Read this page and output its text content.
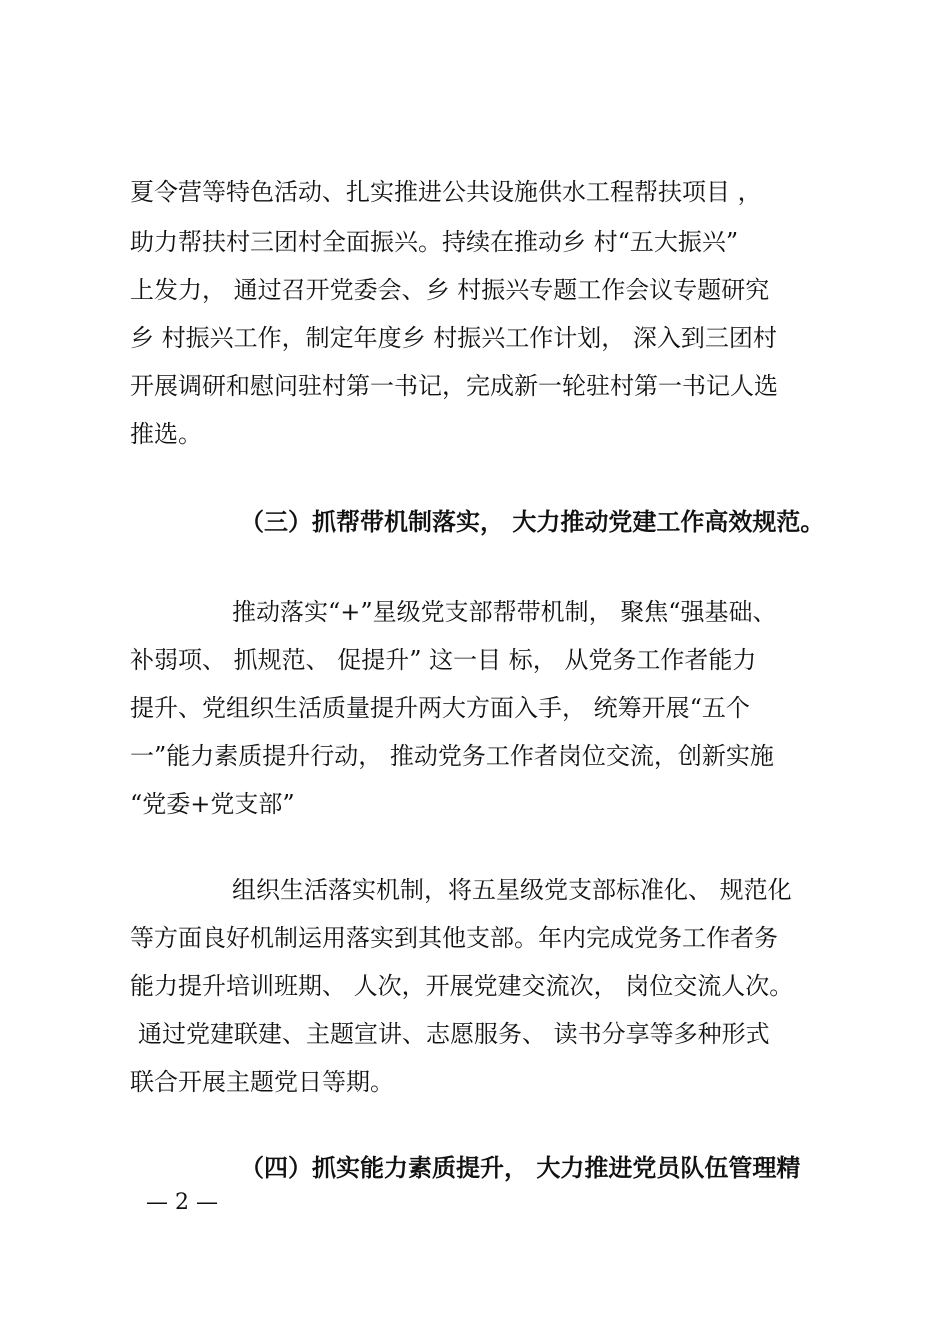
夏令营等特色活动、扎实推进公共设施供水工程帮扶项目 ，
助力帮扶村三团村全面振兴。持续在推动乡 村“五大振兴”
上发力， 通过召开党委会、乡 村振兴专题工作会议专题研究
乡 村振兴工作，制定年度乡 村振兴工作计划， 深入到三团村
开展调研和慰问驻村第一书记，完成新一轮驻村第一书记人选
推选。
（三）抓帮带机制落实， 大力推动党建工作高效规范。
推动落实“+”星级党支部帮带机制， 聚焦“强基础、
补弱项、 抓规范、 促提升” 这一目 标， 从党务工作者能力
提升、党组织生活质量提升两大方面入手， 统筹开展“五个
一”能力素质提升行动， 推动党务工作者岗位交流，创新实施
“党委+党支部”
组织生活落实机制，将五星级党支部标准化、 规范化
等方面良好机制运用落实到其他支部。年内完成党务工作者务
能力提升培训班期、 人次，开展党建交流次， 岗位交流人次。
通过党建联建、主题宣讲、志愿服务、 读书分享等多种形式
联合开展主题党日等期。
（四）抓实能力素质提升， 大力推进党员队伍管理精
— 2 —
